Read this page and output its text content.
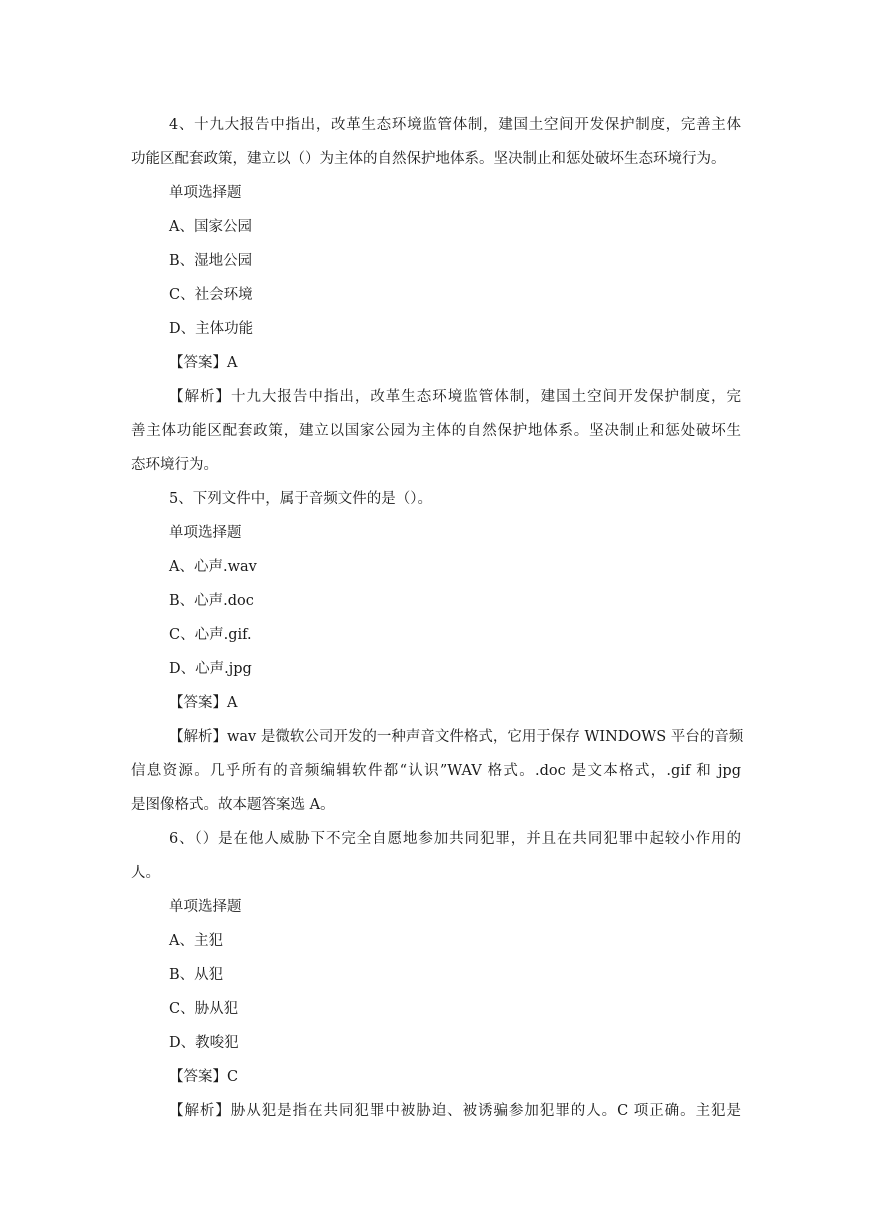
4、十九大报告中指出，改革生态环境监管体制，建国土空间开发保护制度，完善主体
功能区配套政策，建立以（）为主体的自然保护地体系。坚决制止和惩处破坏生态环境行为。
单项选择题
A、国家公园
B、湿地公园
C、社会环境
D、主体功能
【答案】A
【解析】十九大报告中指出，改革生态环境监管体制，建国土空间开发保护制度，完
善主体功能区配套政策，建立以国家公园为主体的自然保护地体系。坚决制止和惩处破坏生
态环境行为。
5、下列文件中，属于音频文件的是（）。
单项选择题
A、心声.wav
B、心声.doc
C、心声.gif.
D、心声.jpg
【答案】A
【解析】wav 是微软公司开发的一种声音文件格式，它用于保存 WINDOWS 平台的音频
信息资源。几乎所有的音频编辑软件都“认识”WAV 格式。.doc 是文本格式，.gif 和 jpg
是图像格式。故本题答案选 A。
6、（）是在他人威胁下不完全自愿地参加共同犯罪，并且在共同犯罪中起较小作用的
人。
单项选择题
A、主犯
B、从犯
C、胁从犯
D、教唆犯
【答案】C
【解析】胁从犯是指在共同犯罪中被胁迫、被诱骗参加犯罪的人。C 项正确。主犯是
